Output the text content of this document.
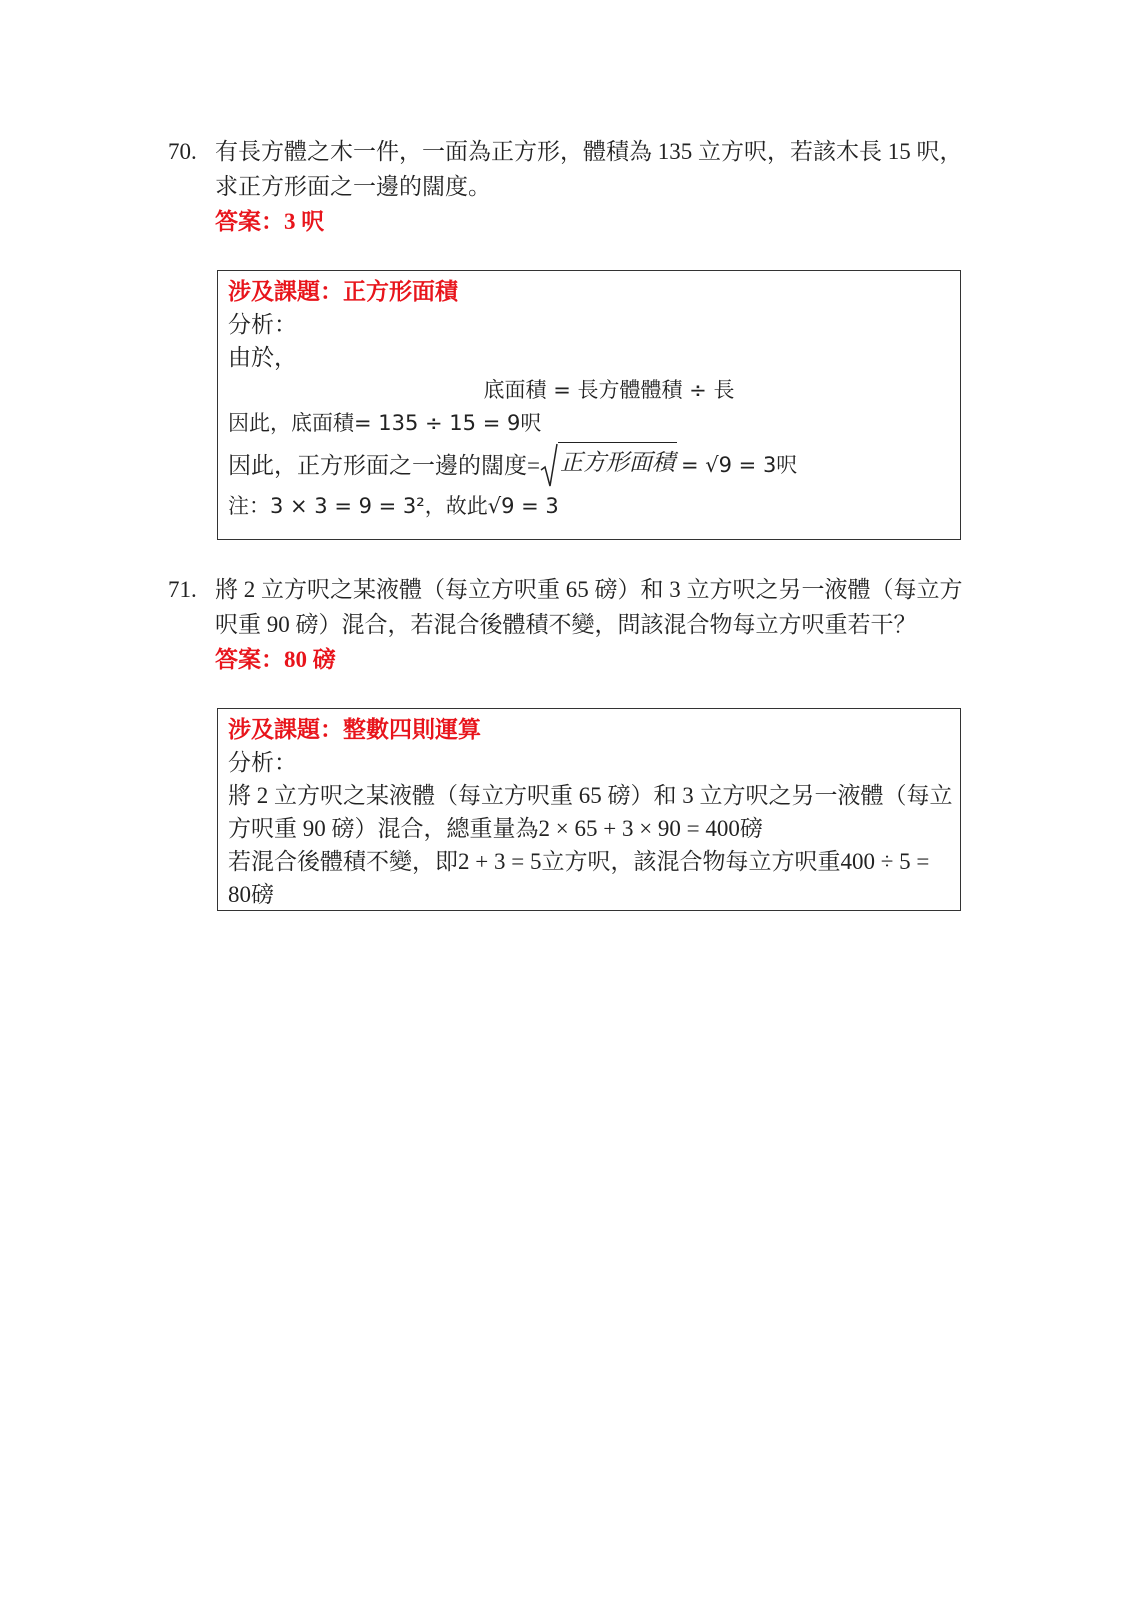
70. 有長方體之木一件，一面為正方形，體積為 135 立方呎，若該木長 15 呎，
求正方形面之一邊的闊度。
答案：3 呎
涉及課題：正方形面積
分析：
由於，
底面積 = 長方體體積 ÷ 長
因此，底面積= 135 ÷ 15 = 9呎
因此，正方形面之一邊的闊度= 正方形面積 = √9 = 3呎
注：3 × 3 = 9 = 3²，故此√9 = 3
71. 將 2 立方呎之某液體（每立方呎重 65 磅）和 3 立方呎之另一液體（每立方
呎重 90 磅）混合，若混合後體積不變，問該混合物每立方呎重若干？
答案：80 磅
涉及課題：整數四則運算
分析：
將 2 立方呎之某液體（每立方呎重 65 磅）和 3 立方呎之另一液體（每立
方呎重 90 磅）混合，總重量為2 × 65 + 3 × 90 = 400磅
若混合後體積不變，即2 + 3 = 5立方呎，該混合物每立方呎重400 ÷ 5 =
80磅
